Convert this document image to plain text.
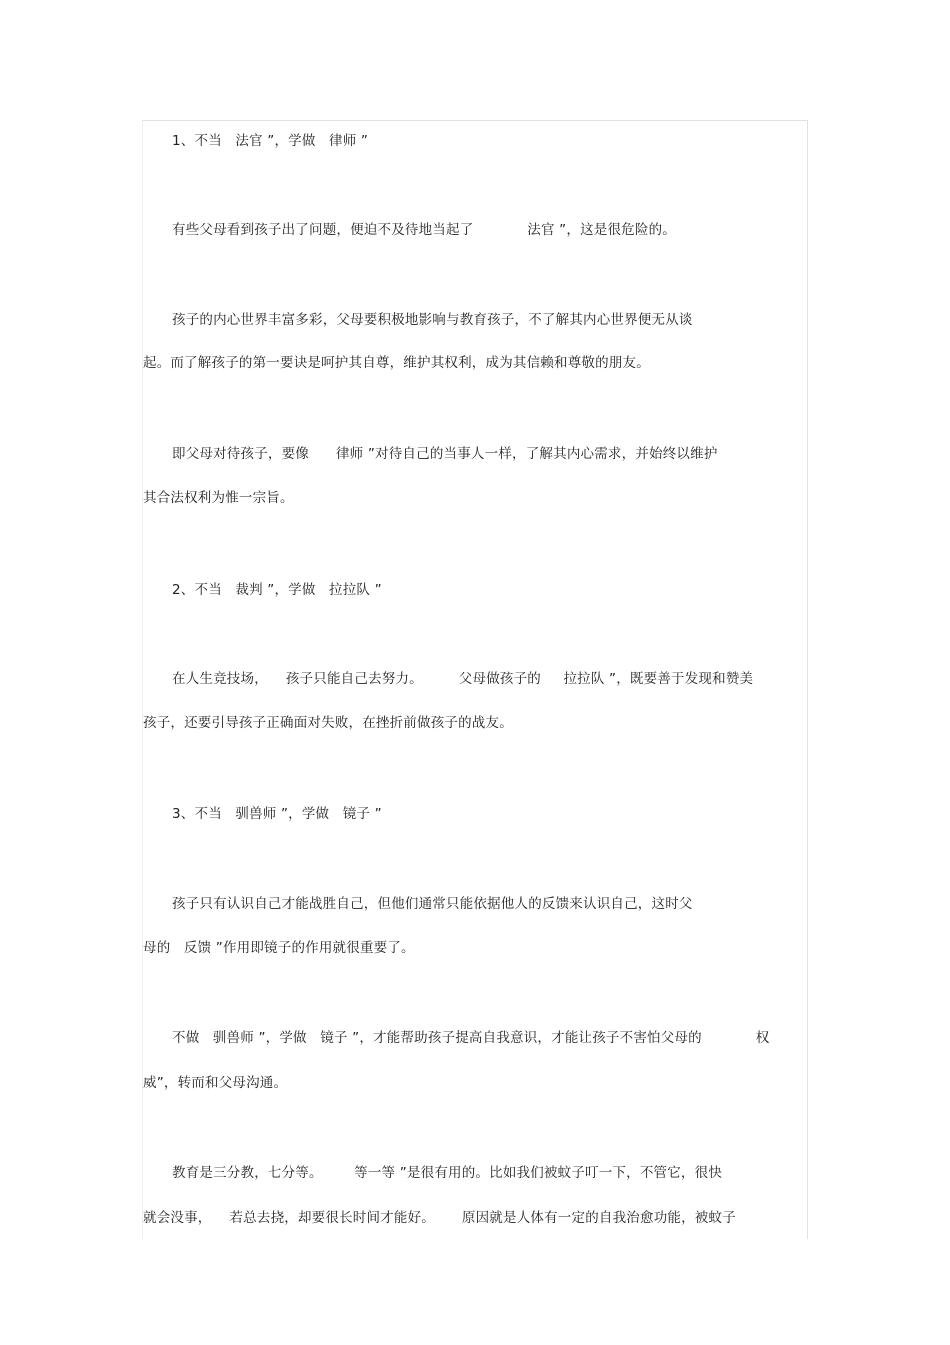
1、不当   法官 ”，学做   律师 ”
有些父母看到孩子出了问题，便迫不及待地当起了            法官 ”，这是很危险的。
孩子的内心世界丰富多彩，父母要积极地影响与教育孩子，不了解其内心世界便无从谈
起。而了解孩子的第一要诀是呵护其自尊，维护其权利，成为其信赖和尊敬的朋友。
即父母对待孩子，要像      律师 ”对待自己的当事人一样，了解其内心需求，并始终以维护
其合法权利为惟一宗旨。
2、不当   裁判 ”，学做   拉拉队 ”
在人生竞技场，    孩子只能自己去努力。        父母做孩子的     拉拉队 ”，既要善于发现和赞美
孩子，还要引导孩子正确面对失败，在挫折前做孩子的战友。
3、不当   驯兽师 ”，学做   镜子 ”
孩子只有认识自己才能战胜自己，但他们通常只能依据他人的反馈来认识自己，这时父
母的   反馈 ”作用即镜子的作用就很重要了。
不做   驯兽师 ”，学做   镜子 ”，才能帮助孩子提高自我意识，才能让孩子不害怕父母的            权
威”，转而和父母沟通。
教育是三分教，七分等。       等一等 ”是很有用的。比如我们被蚊子叮一下，不管它，很快
就会没事，    若总去挠，却要很长时间才能好。      原因就是人体有一定的自我治愈功能，被蚊子
